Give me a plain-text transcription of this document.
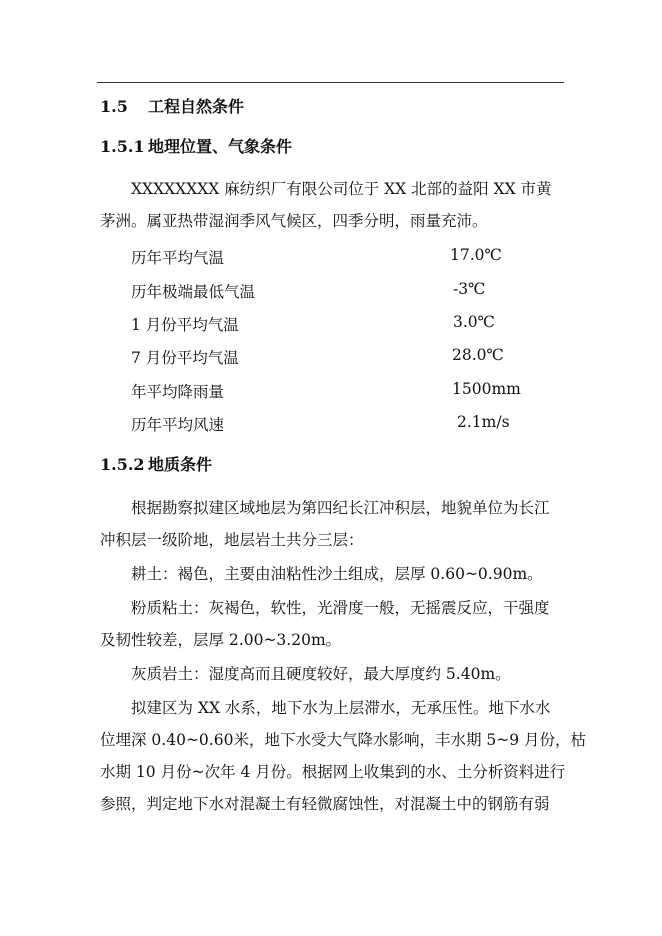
1.5 工程自然条件
1.5.1 地理位置、气象条件
XXXXXXXX 麻纺织厂有限公司位于 XX 北部的益阳 XX 市黄
茅洲。属亚热带湿润季风气候区，四季分明，雨量充沛。
历年平均气温	17.0℃
历年极端最低气温	-3℃
1 月份平均气温	3.0℃
7 月份平均气温	28.0℃
年平均降雨量	1500mm
历年平均风速	2.1m/s
1.5.2 地质条件
根据勘察拟建区域地层为第四纪长江冲积层，地貌单位为长江
冲积层一级阶地，地层岩土共分三层：
耕土：褐色，主要由油粘性沙土组成，层厚 0.60~0.90m。
粉质粘土：灰褐色，软性，光滑度一般，无摇震反应，干强度
及韧性较差，层厚 2.00~3.20m。
灰质岩土：湿度高而且硬度较好，最大厚度约 5.40m。
拟建区为 XX 水系，地下水为上层滞水，无承压性。地下水水
位埋深 0.40~0.60米，地下水受大气降水影响，丰水期 5~9 月份，枯
水期 10 月份~次年 4 月份。根据网上收集到的水、土分析资料进行
参照，判定地下水对混凝土有轻微腐蚀性，对混凝土中的钢筋有弱
